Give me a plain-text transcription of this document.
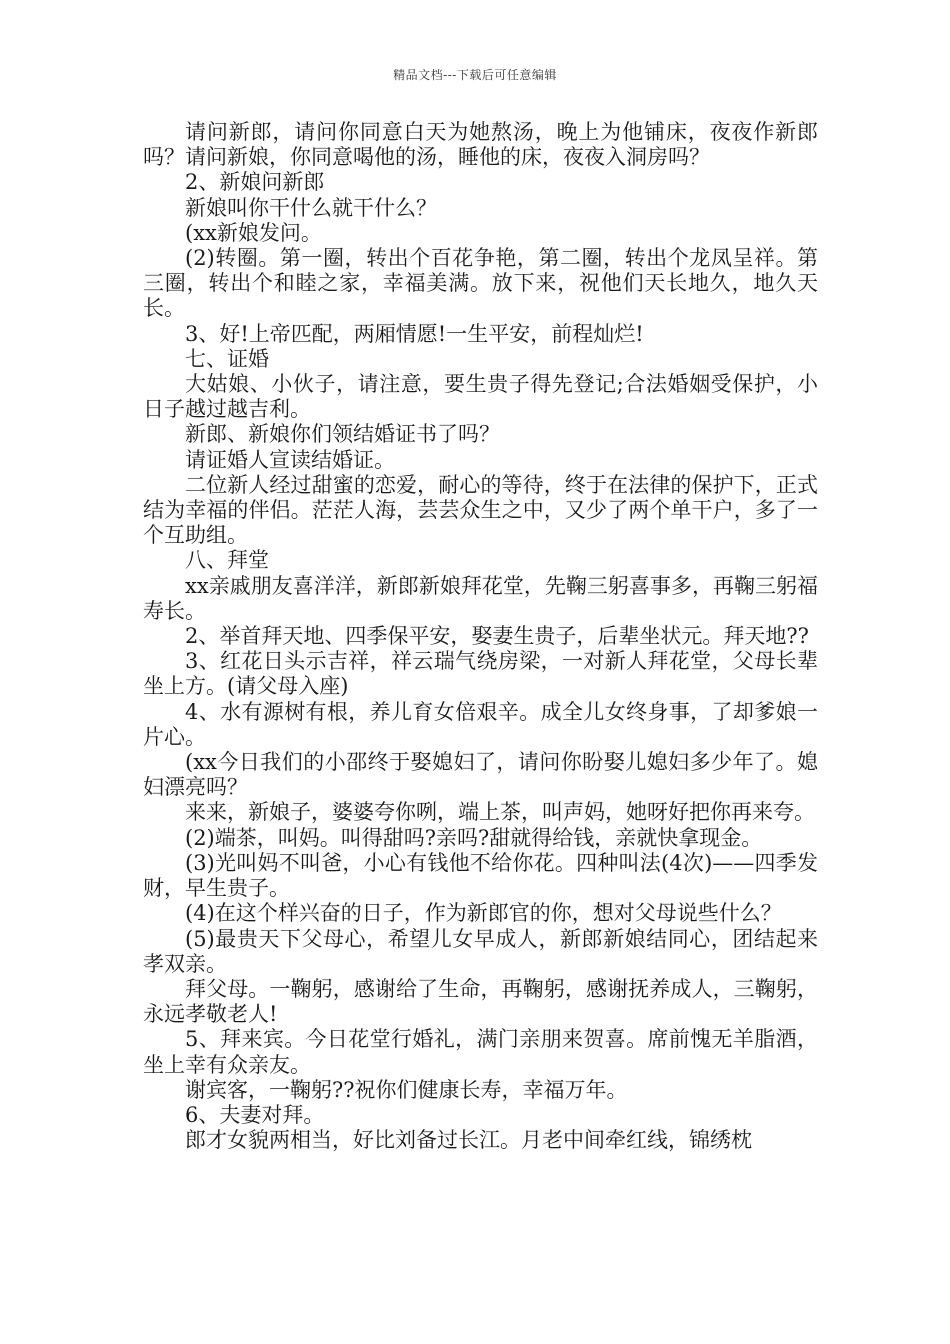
精品文档---下载后可任意编辑

请问新郎，请问你同意白天为她熬汤，晚上为他铺床，夜夜作新郎吗？请问新娘，你同意喝他的汤，睡他的床，夜夜入洞房吗？

2、新娘问新郎

新娘叫你干什么就干什么？

(xx新娘发问。

(2)转圈。第一圈，转出个百花争艳，第二圈，转出个龙凤呈祥。第三圈，转出个和睦之家，幸福美满。放下来，祝他们天长地久，地久天长。

3、好!上帝匹配，两厢情愿!一生平安，前程灿烂!

七、证婚

大姑娘、小伙子，请注意，要生贵子得先登记;合法婚姻受保护，小日子越过越吉利。

新郎、新娘你们领结婚证书了吗？

请证婚人宣读结婚证。

二位新人经过甜蜜的恋爱，耐心的等待，终于在法律的保护下，正式结为幸福的伴侣。茫茫人海，芸芸众生之中，又少了两个单干户，多了一个互助组。

八、拜堂

xx亲戚朋友喜洋洋，新郎新娘拜花堂，先鞠三躬喜事多，再鞠三躬福寿长。

2、举首拜天地、四季保平安，娶妻生贵子，后辈坐状元。拜天地??

3、红花日头示吉祥，祥云瑞气绕房梁，一对新人拜花堂，父母长辈坐上方。(请父母入座)

4、水有源树有根，养儿育女倍艰辛。成全儿女终身事，了却爹娘一片心。

(xx今日我们的小邵终于娶媳妇了，请问你盼娶儿媳妇多少年了。媳妇漂亮吗？

来来，新娘子，婆婆夸你咧，端上茶，叫声妈，她呀好把你再来夸。

(2)端茶，叫妈。叫得甜吗?亲吗?甜就得给钱，亲就快拿现金。

(3)光叫妈不叫爸，小心有钱他不给你花。四种叫法(4次)——四季发财，早生贵子。

(4)在这个样兴奋的日子，作为新郎官的你，想对父母说些什么？

(5)最贵天下父母心，希望儿女早成人，新郎新娘结同心，团结起来孝双亲。

拜父母。一鞠躬，感谢给了生命，再鞠躬，感谢抚养成人，三鞠躬，永远孝敬老人!

5、拜来宾。今日花堂行婚礼，满门亲朋来贺喜。席前愧无羊脂酒，坐上幸有众亲友。

谢宾客，一鞠躬??祝你们健康长寿，幸福万年。

6、夫妻对拜。

郎才女貌两相当，好比刘备过长江。月老中间牵红线，锦绣枕
